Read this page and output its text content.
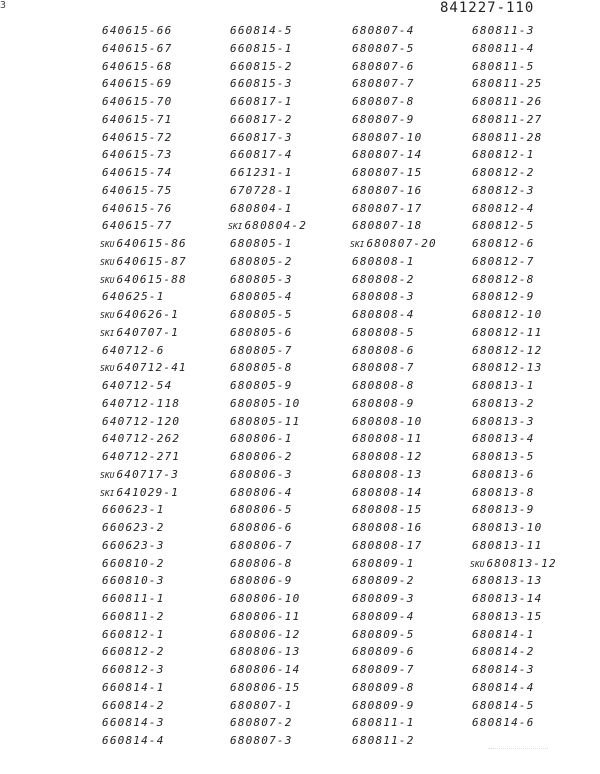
3	841227-110
640615-66
640615-67
640615-68
640615-69
640615-70
640615-71
640615-72
640615-73
640615-74
640615-75
640615-76
640615-77
SKU 640615-86
SKU 640615-87
SKU 640615-88
640625-1
SKU 640626-1
SKI 640707-1
640712-6
SKU 640712-41
640712-54
640712-118
640712-120
640712-262
640712-271
SKU 640717-3
SKI 641029-1
660623-1
660623-2
660623-3
660810-2
660810-3
660811-1
660811-2
660812-1
660812-2
660812-3
660814-1
660814-2
660814-3
660814-4
660814-5
660815-1
660815-2
660815-3
660817-1
660817-2
660817-3
660817-4
661231-1
670728-1
680804-1
SKI 680804-2
680805-1
680805-2
680805-3
680805-4
680805-5
680805-6
680805-7
680805-8
680805-9
680805-10
680805-11
680806-1
680806-2
680806-3
680806-4
680806-5
680806-6
680806-7
680806-8
680806-9
680806-10
680806-11
680806-12
680806-13
680806-14
680806-15
680807-1
680807-2
680807-3
680807-4
680807-5
680807-6
680807-7
680807-8
680807-9
680807-10
680807-14
680807-15
680807-16
680807-17
680807-18
SKI 680807-20
680808-1
680808-2
680808-3
680808-4
680808-5
680808-6
680808-7
680808-8
680808-9
680808-10
680808-11
680808-12
680808-13
680808-14
680808-15
680808-16
680808-17
680809-1
680809-2
680809-3
680809-4
680809-5
680809-6
680809-7
680809-8
680809-9
680811-1
680811-2
680811-3
680811-4
680811-5
680811-25
680811-26
680811-27
680811-28
680812-1
680812-2
680812-3
680812-4
680812-5
680812-6
680812-7
680812-8
680812-9
680812-10
680812-11
680812-12
680812-13
680813-1
680813-2
680813-3
680813-4
680813-5
680813-6
680813-8
680813-9
680813-10
680813-11
SKU 680813-12
680813-13
680813-14
680813-15
680814-1
680814-2
680814-3
680814-4
680814-5
680814-6
